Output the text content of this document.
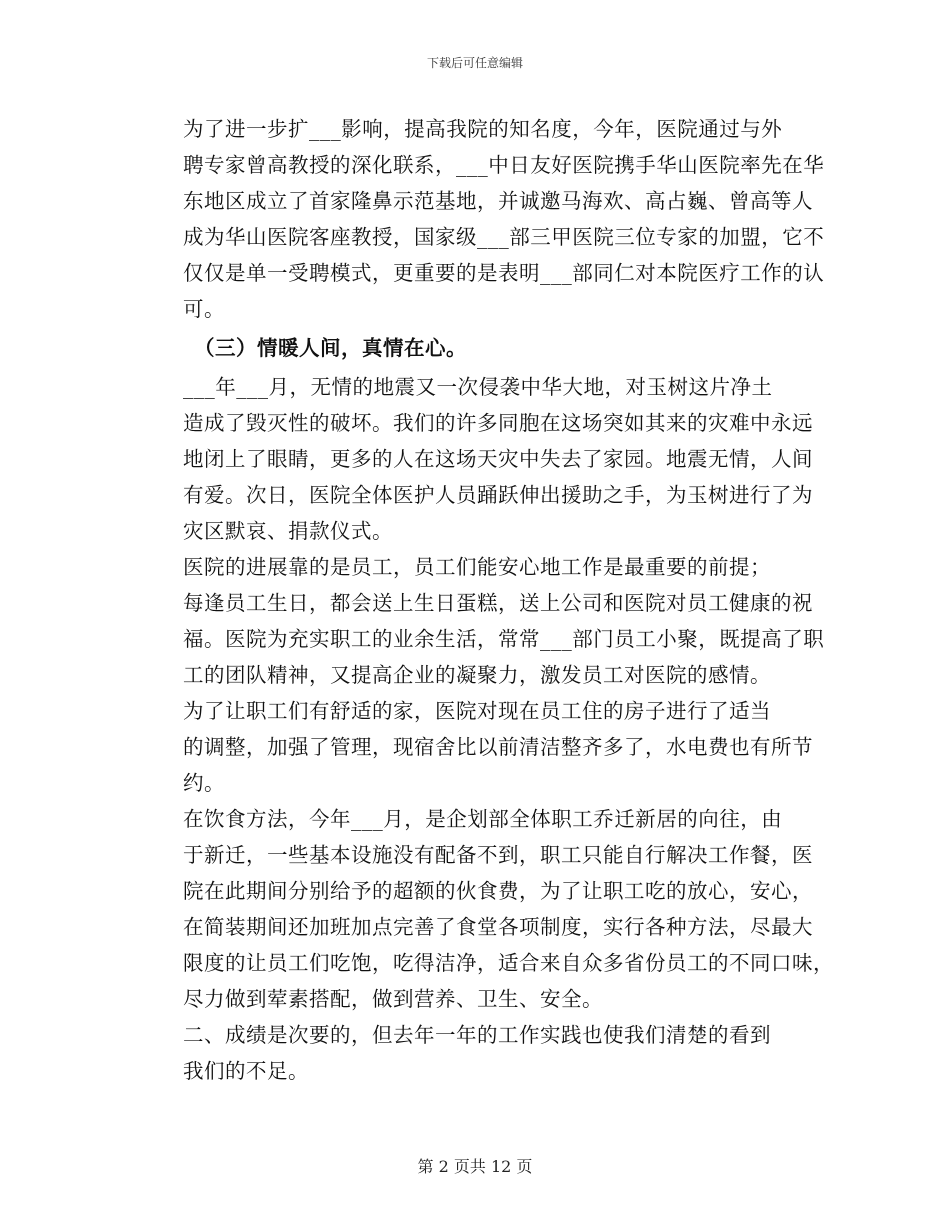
下载后可任意编辑
为了进一步扩___影响，提高我院的知名度，今年，医院通过与外
聘专家曾高教授的深化联系，___中日友好医院携手华山医院率先在华
东地区成立了首家隆鼻示范基地，并诚邀马海欢、高占巍、曾高等人
成为华山医院客座教授，国家级___部三甲医院三位专家的加盟，它不
仅仅是单一受聘模式，更重要的是表明___部同仁对本院医疗工作的认
可。
（三）情暖人间，真情在心。
___年___月，无情的地震又一次侵袭中华大地，对玉树这片净土
造成了毁灭性的破坏。我们的许多同胞在这场突如其来的灾难中永远
地闭上了眼睛，更多的人在这场天灾中失去了家园。地震无情，人间
有爱。次日，医院全体医护人员踊跃伸出援助之手，为玉树进行了为
灾区默哀、捐款仪式。
医院的进展靠的是员工，员工们能安心地工作是最重要的前提；
每逢员工生日，都会送上生日蛋糕，送上公司和医院对员工健康的祝
福。医院为充实职工的业余生活，常常___部门员工小聚，既提高了职
工的团队精神，又提高企业的凝聚力，激发员工对医院的感情。
为了让职工们有舒适的家，医院对现在员工住的房子进行了适当
的调整，加强了管理，现宿舍比以前清洁整齐多了，水电费也有所节
约。
在饮食方法，今年___月，是企划部全体职工乔迁新居的向往，由
于新迁，一些基本设施没有配备不到，职工只能自行解决工作餐，医
院在此期间分别给予的超额的伙食费，为了让职工吃的放心，安心，
在简装期间还加班加点完善了食堂各项制度，实行各种方法，尽最大
限度的让员工们吃饱，吃得洁净，适合来自众多省份员工的不同口味，
尽力做到荤素搭配，做到营养、卫生、安全。
二、成绩是次要的，但去年一年的工作实践也使我们清楚的看到
我们的不足。
第 2 页共 12 页
